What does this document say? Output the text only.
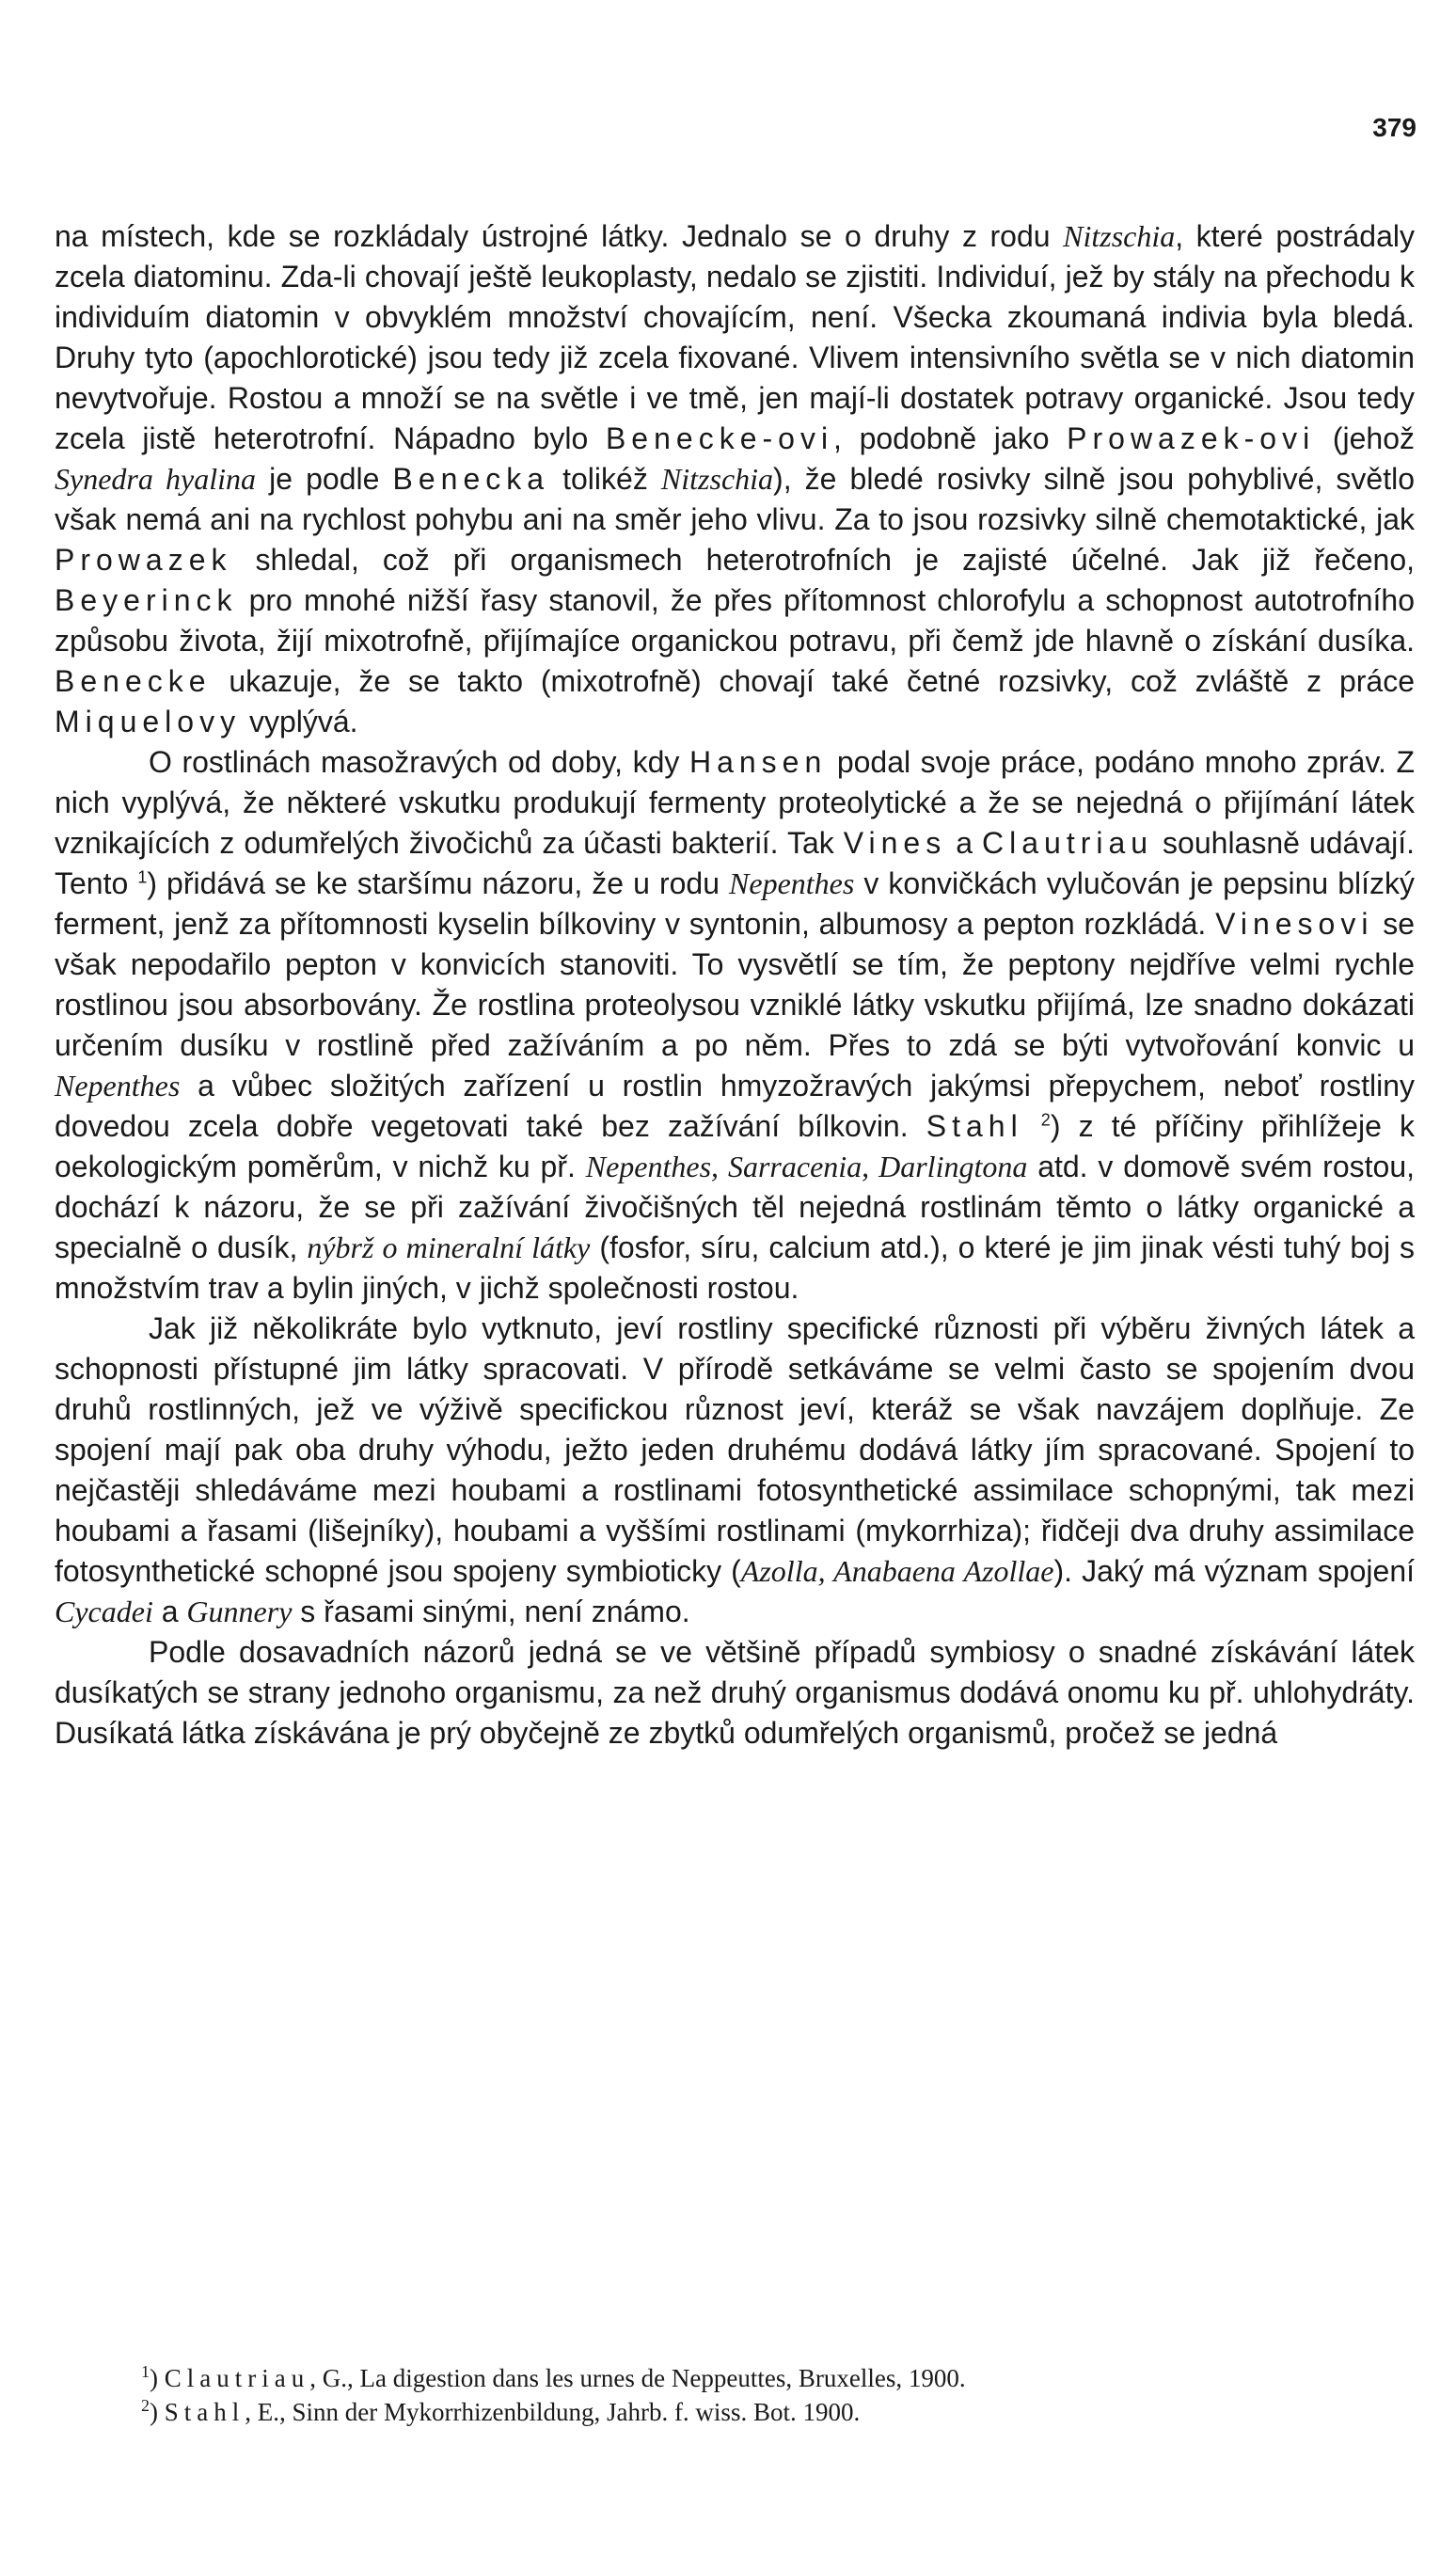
379

na místech, kde se rozkládaly ústrojné látky. Jednalo se o druhy z rodu Nitzschia, které postrádaly zcela diatominu. Zda-li chovají ještě leukoplasty, nedalo se zjistiti. Individuí, jež by stály na přechodu k individuím diatomin v obvyklém množství chovajícím, není. Všecka zkoumaná indivia byla bledá. Druhy tyto (apochlorotické) jsou tedy již zcela fixované. Vlivem intensivního světla se v nich diatomin nevytvořuje. Rostou a množí se na světle i ve tmě, jen mají-li dostatek potravy organické. Jsou tedy zcela jistě heterotrofní. Nápadno bylo Benecke-ovi, podobně jako Prowazek-ovi (jehož Synedra hyalina je podle Benecka tolikéž Nitzschia), že bledé rosivky silně jsou pohyblivé, světlo však nemá ani na rychlost pohybu ani na směr jeho vlivu. Za to jsou rozsivky silně chemotaktické, jak Prowazek shledal, což při organismech heterotrofních je zajisté účelné. Jak již řečeno, Beyerinck pro mnohé nižší řasy stanovil, že přes přítomnost chlorofylu a schopnost autotrofního způsobu života, žijí mixotrofně, přijímajíce organickou potravu, při čemž jde hlavně o získání dusíka. Benecke ukazuje, že se takto (mixotrofně) chovají také četné rozsivky, což zvláště z práce Miquelovy vyplývá.

O rostlinách masožravých od doby, kdy Hansen podal svoje práce, podáno mnoho zpráv. Z nich vyplývá, že některé vskutku produkují fermenty proteolytické a že se nejedná o přijímání látek vznikajících z odumřelých živočichů za účasti bakterií. Tak Vines a Clautriau souhlasně udávají. Tento $^1$) přidává se ke staršímu názoru, že u rodu Nepenthes v konvičkách vylučován je pepsinu blízký ferment, jenž za přítomnosti kyselin bílkoviny v syntonin, albumosy a pepton rozkládá. Vinesovi se však nepodařilo pepton v konvicích stanoviti. To vysvětlí se tím, že peptony nejdříve velmi rychle rostlinou jsou absorbovány. Že rostlina proteolysou vzniklé látky vskutku přijímá, lze snadno dokázati určením dusíku v rostlině před zažíváním a po něm. Přes to zdá se býti vytvořování konvic u Nepenthes a vůbec složitých zařízení u rostlin hmyzožravých jakýmsi přepychem, neboť rostliny dovedou zcela dobře vegetovati také bez zažívání bílkovin. Stahl $^2$) z té příčiny přihlížeje k oekologickým poměrům, v nichž ku př. Nepenthes, Sarracenia, Darlingtona atd. v domově svém rostou, dochází k názoru, že se při zažívání živočišných těl nejedná rostlinám těmto o látky organické a specialně o dusík, nýbrž o mineralní látky (fosfor, síru, calcium atd.), o které je jim jinak vésti tuhý boj s množstvím trav a bylin jiných, v jichž společnosti rostou.

Jak již několikráte bylo vytknuto, jeví rostliny specifické různosti při výběru živných látek a schopnosti přístupné jim látky spracovati. V přírodě setkáváme se velmi často se spojením dvou druhů rostlinných, jež ve výživě specifickou různost jeví, kteráž se však navzájem doplňuje. Ze spojení mají pak oba druhy výhodu, ježto jeden druhému dodává látky jím spracované. Spojení to nejčastěji shledáváme mezi houbami a rostlinami fotosynthetické assimilace schopnými, tak mezi houbami a řasami (lišejníky), houbami a vyššími rostlinami (mykorrhiza); řidčeji dva druhy assimilace fotosynthetické schopné jsou spojeny symbioticky (Azolla, Anabaena Azollae). Jaký má význam spojení Cycadei a Gunnery s řasami sinými, není známo.

Podle dosavadních názorů jedná se ve většině případů symbiosy o snadné získávání látek dusíkatých se strany jednoho organismu, za než druhý organismus dodává onomu ku př. uhlohydráty. Dusíkatá látka získávána je prý obyčejně ze zbytků odumřelých organismů, pročež se jedná

$^1$) Clautriau, G., La digestion dans les urnes de Neppeuttes, Bruxelles, 1900.

$^2$) Stahl, E., Sinn der Mykorrhizenbildung, Jahrb. f. wiss. Bot. 1900.
